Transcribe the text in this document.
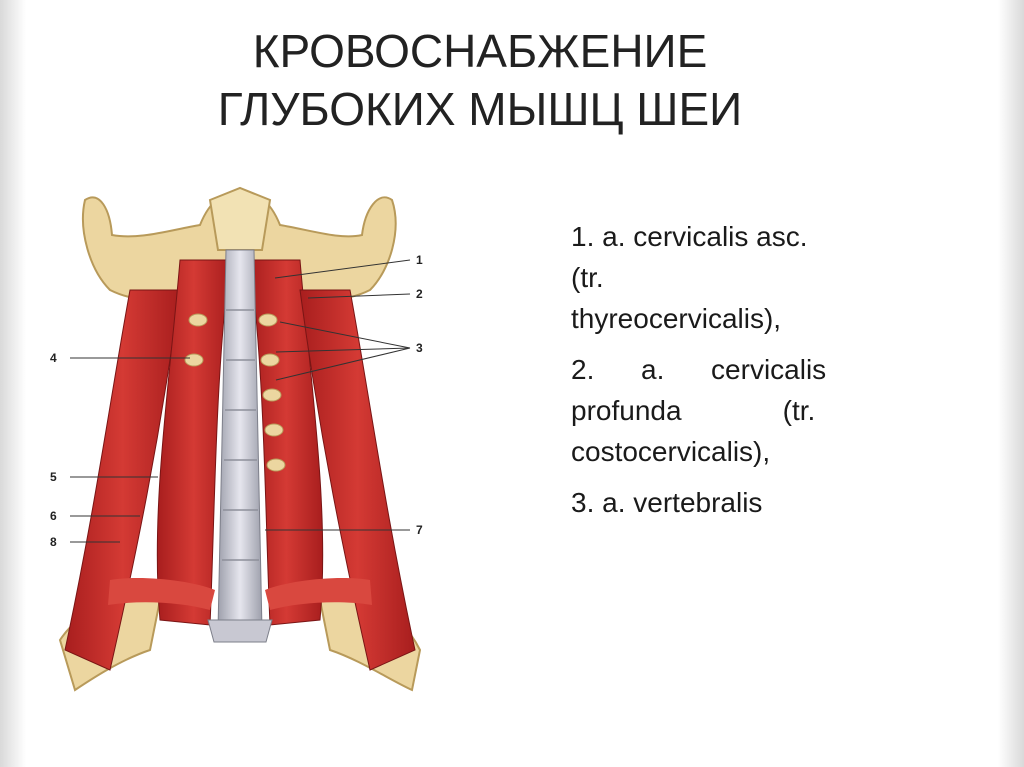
КРОВОСНАБЖЕНИЕ
ГЛУБОКИХ МЫШЦ ШЕИ
1
2
3
4
5
6
8
7

1. a. cervicalis asc.
(tr.
thyreocervicalis),

2.      a.      cervicalis
profunda             (tr.
costocervicalis),

3. a. vertebralis
